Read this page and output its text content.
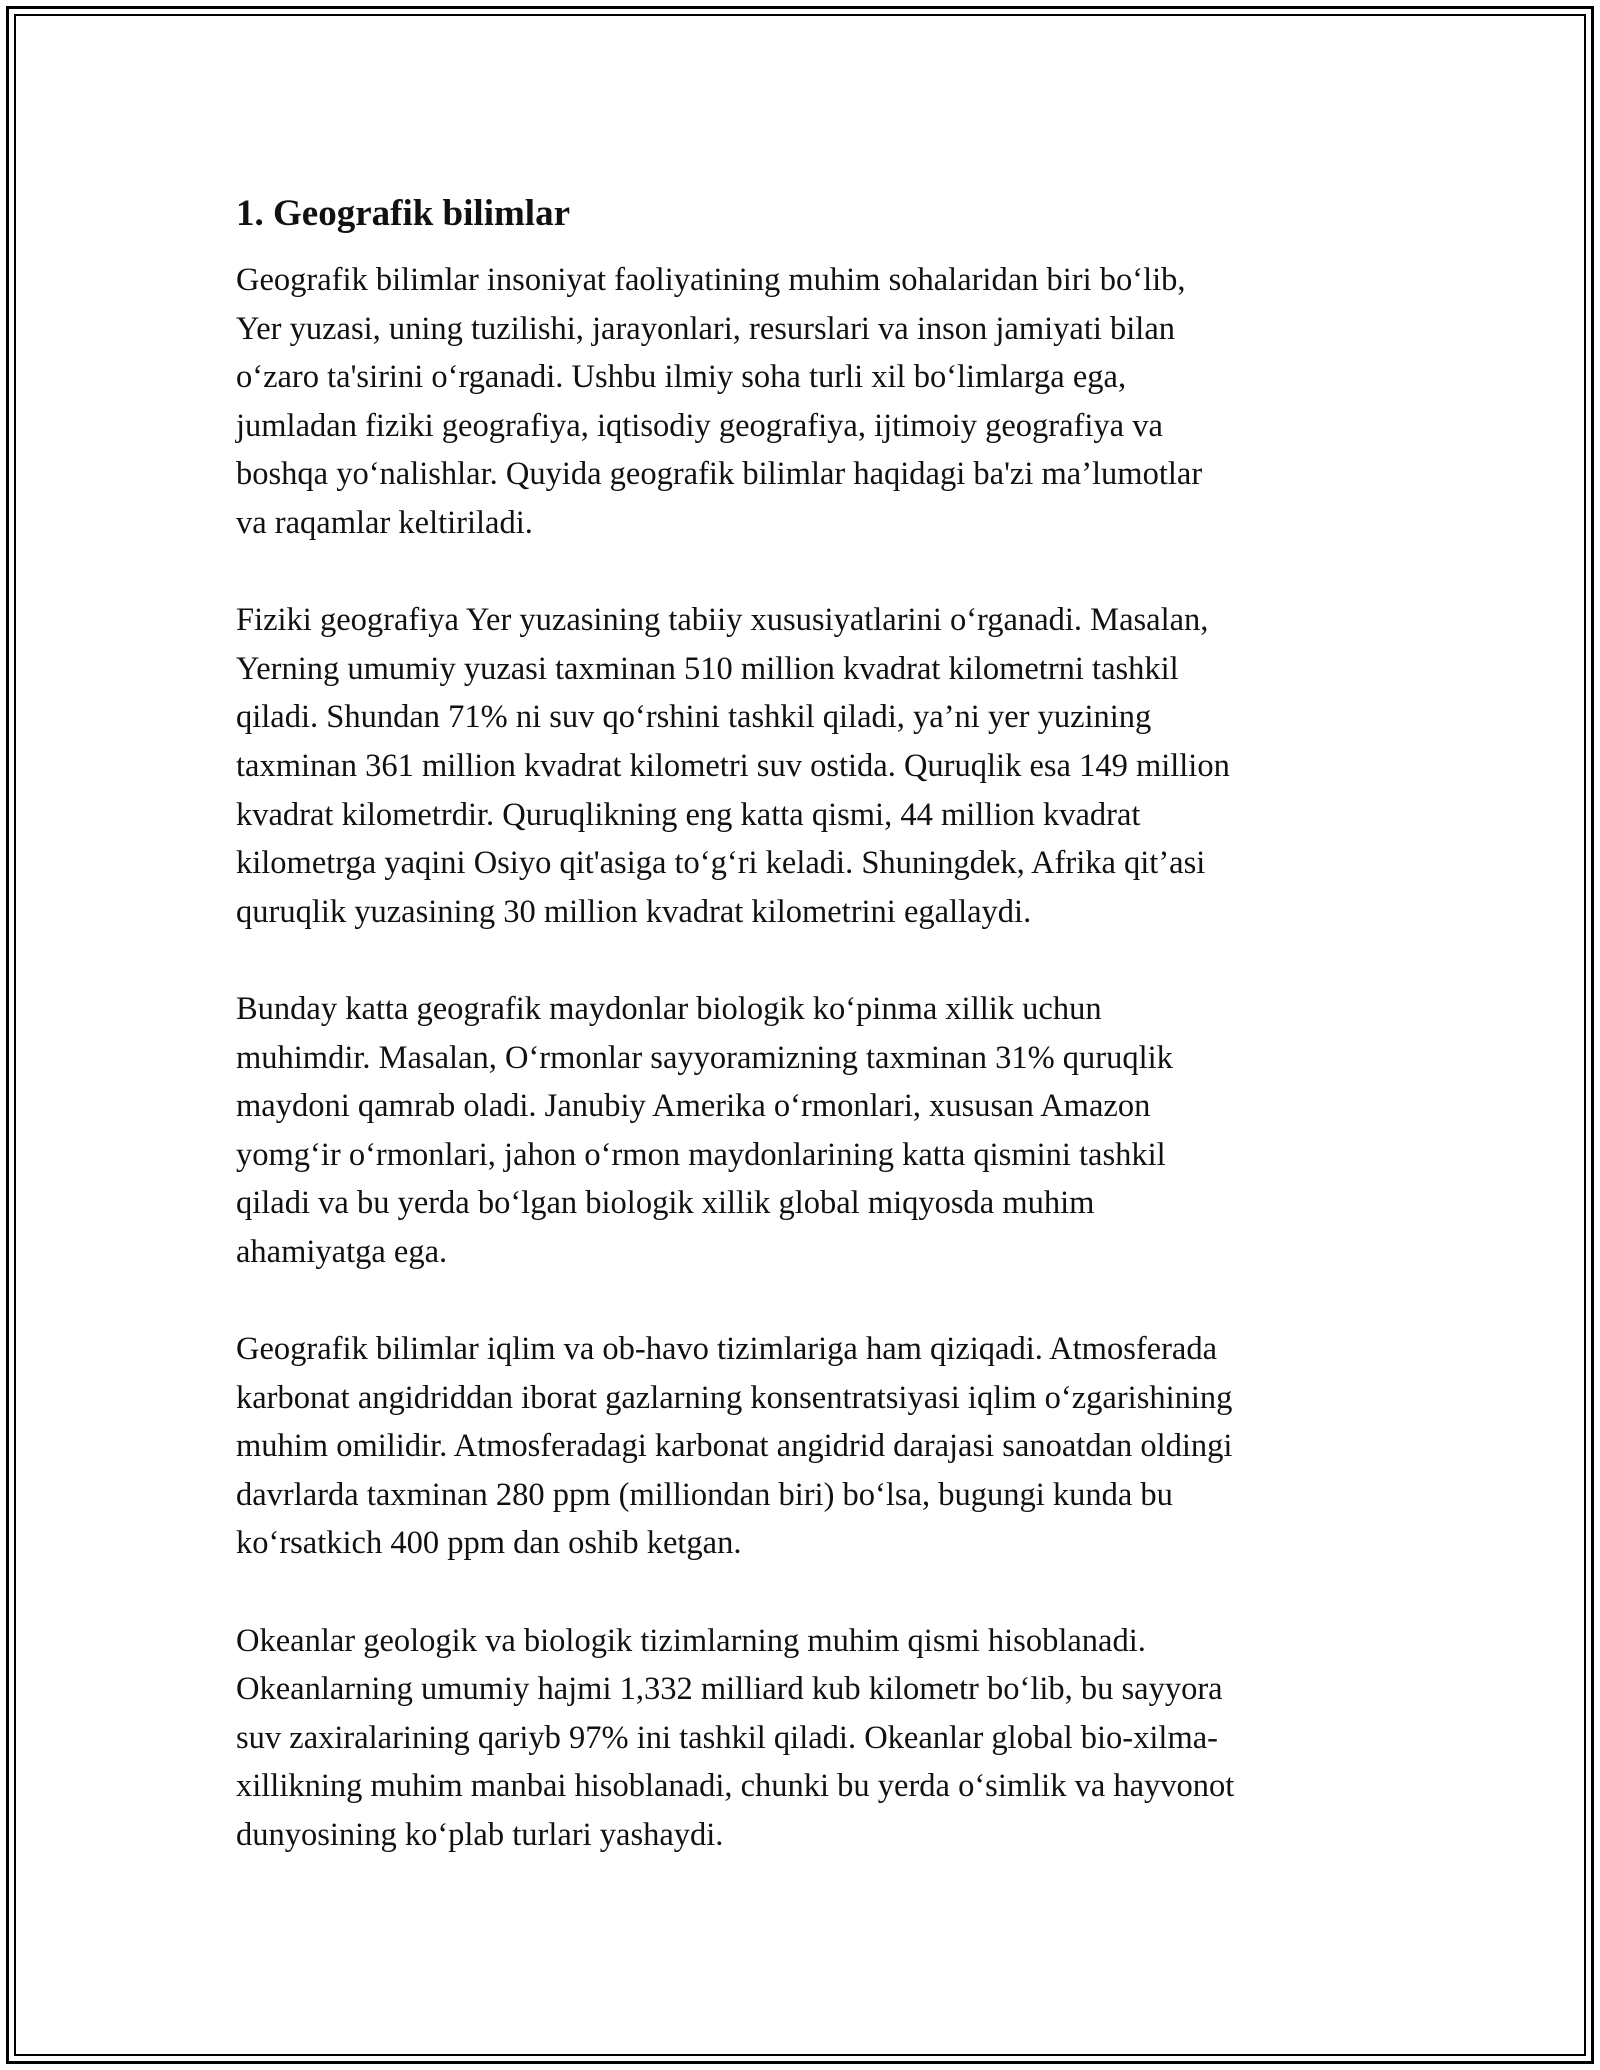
1. Geografik bilimlar

Geografik bilimlar insoniyat faoliyatining muhim sohalaridan biri bo‘lib,
Yer yuzasi, uning tuzilishi, jarayonlari, resurslari va inson jamiyati bilan
o‘zaro ta'sirini o‘rganadi. Ushbu ilmiy soha turli xil bo‘limlarga ega,
jumladan fiziki geografiya, iqtisodiy geografiya, ijtimoiy geografiya va
boshqa yo‘nalishlar. Quyida geografik bilimlar haqidagi ba'zi ma’lumotlar
va raqamlar keltiriladi.

Fiziki geografiya Yer yuzasining tabiiy xususiyatlarini o‘rganadi. Masalan,
Yerning umumiy yuzasi taxminan 510 million kvadrat kilometrni tashkil
qiladi. Shundan 71% ni suv qo‘rshini tashkil qiladi, ya’ni yer yuzining
taxminan 361 million kvadrat kilometri suv ostida. Quruqlik esa 149 million
kvadrat kilometrdir. Quruqlikning eng katta qismi, 44 million kvadrat
kilometrga yaqini Osiyo qit'asiga to‘g‘ri keladi. Shuningdek, Afrika qit’asi
quruqlik yuzasining 30 million kvadrat kilometrini egallaydi.

Bunday katta geografik maydonlar biologik ko‘pinma xillik uchun
muhimdir. Masalan, O‘rmonlar sayyoramizning taxminan 31% quruqlik
maydoni qamrab oladi. Janubiy Amerika o‘rmonlari, xususan Amazon
yomg‘ir o‘rmonlari, jahon o‘rmon maydonlarining katta qismini tashkil
qiladi va bu yerda bo‘lgan biologik xillik global miqyosda muhim
ahamiyatga ega.

Geografik bilimlar iqlim va ob-havo tizimlariga ham qiziqadi. Atmosferada
karbonat angidriddan iborat gazlarning konsentratsiyasi iqlim o‘zgarishining
muhim omilidir. Atmosferadagi karbonat angidrid darajasi sanoatdan oldingi
davrlarda taxminan 280 ppm (milliondan biri) bo‘lsa, bugungi kunda bu
ko‘rsatkich 400 ppm dan oshib ketgan.

Okeanlar geologik va biologik tizimlarning muhim qismi hisoblanadi.
Okeanlarning umumiy hajmi 1,332 milliard kub kilometr bo‘lib, bu sayyora
suv zaxiralarining qariyb 97% ini tashkil qiladi. Okeanlar global bio-xilma-
xillikning muhim manbai hisoblanadi, chunki bu yerda o‘simlik va hayvonot
dunyosining ko‘plab turlari yashaydi.
